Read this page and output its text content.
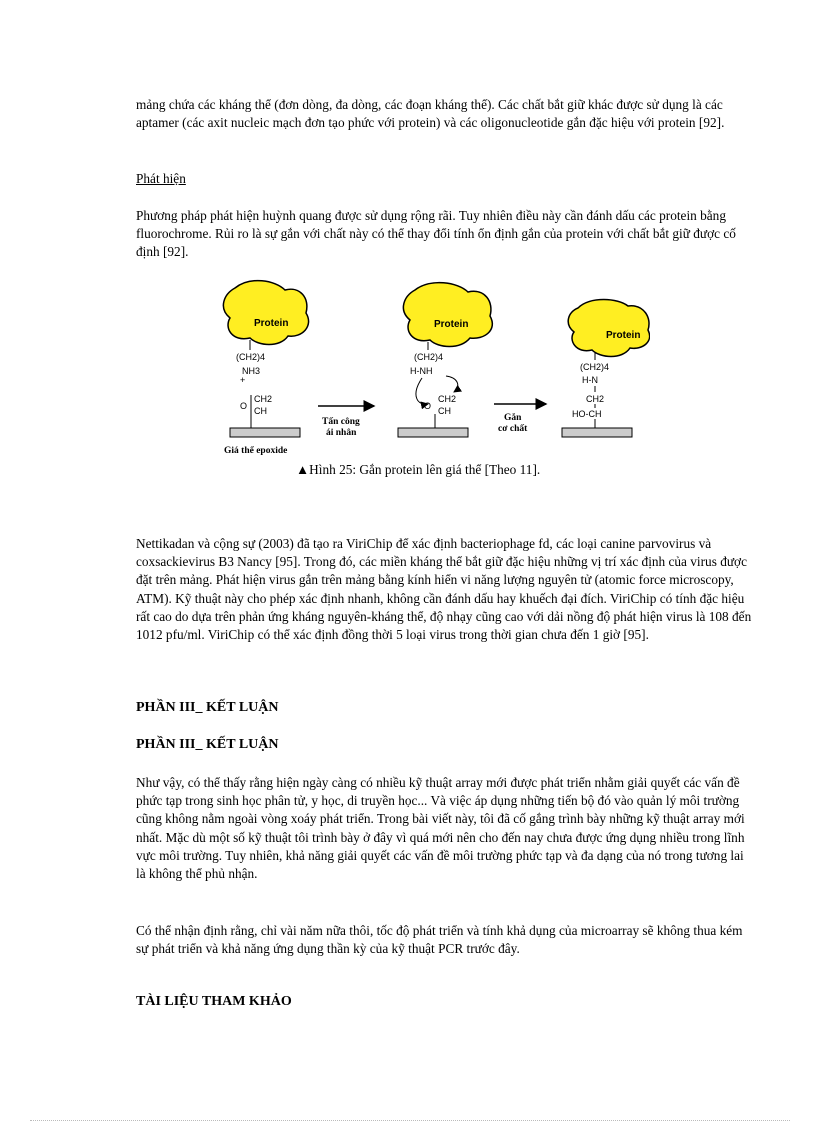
mảng chứa các kháng thể (đơn dòng, đa dòng, các đoạn kháng thể). Các chất bắt giữ khác được sử dụng là các aptamer (các axit nucleic mạch đơn tạo phức với protein) và các oligonucleotide gắn đặc hiệu với protein [92].

Phát hiện

Phương pháp phát hiện huỳnh quang được sử dụng rộng rãi. Tuy nhiên điều này cần đánh dấu các protein bằng fluorochrome. Rủi ro là sự gắn với chất này có thể thay đổi tính ổn định gắn của protein với chất bắt giữ được cố định [92].

Protein
(CH2)4
NH3
+
CH2
O CH
Giá thể epoxide
Tấn công
ái nhân
Protein
(CH2)4
H-NH
CH2
O CH
Gắn
cơ chất
Protein
(CH2)4
H-N
CH2
HO-CH
▲Hình 25: Gắn protein lên giá thể [Theo 11].

Nettikadan và cộng sự (2003) đã tạo ra ViriChip để xác định bacteriophage fd, các loại canine parvovirus và coxsackievirus B3 Nancy [95]. Trong đó, các miền kháng thể bắt giữ đặc hiệu những vị trí xác định của virus được đặt trên mảng. Phát hiện virus gắn trên mảng bằng kính hiển vi năng lượng nguyên tử (atomic force microscopy, ATM). Kỹ thuật này cho phép xác định nhanh, không cần đánh dấu hay khuếch đại đích. ViriChip có tính đặc hiệu rất cao do dựa trên phản ứng kháng nguyên-kháng thể, độ nhạy cũng cao với dải nồng độ phát hiện virus là 108 đến 1012 pfu/ml. ViriChip có thể xác định đồng thời 5 loại virus trong thời gian chưa đến 1 giờ [95].

PHẦN III_ KẾT LUẬN

PHẦN III_ KẾT LUẬN

Như vậy, có thể thấy rằng hiện ngày càng có nhiều kỹ thuật array mới được phát triển nhằm giải quyết các vấn đề phức tạp trong sinh học phân tử, y học, di truyền học... Và việc áp dụng những tiến bộ đó vào quản lý môi trường cũng không nằm ngoài vòng xoáy phát triển. Trong bài viết này, tôi đã cố gắng trình bày những kỹ thuật array mới nhất. Mặc dù một số kỹ thuật tôi trình bày ở đây vì quá mới nên cho đến nay chưa được ứng dụng nhiều trong lĩnh vực môi trường. Tuy nhiên, khả năng giải quyết các vấn đề môi trường phức tạp và đa dạng của nó trong tương lai là không thể phủ nhận.

Có thể nhận định rằng, chỉ vài năm nữa thôi, tốc độ phát triển và tính khả dụng của microarray sẽ không thua kém sự phát triển và khả năng ứng dụng thần kỳ của kỹ thuật PCR trước đây.

TÀI LIỆU THAM KHẢO
